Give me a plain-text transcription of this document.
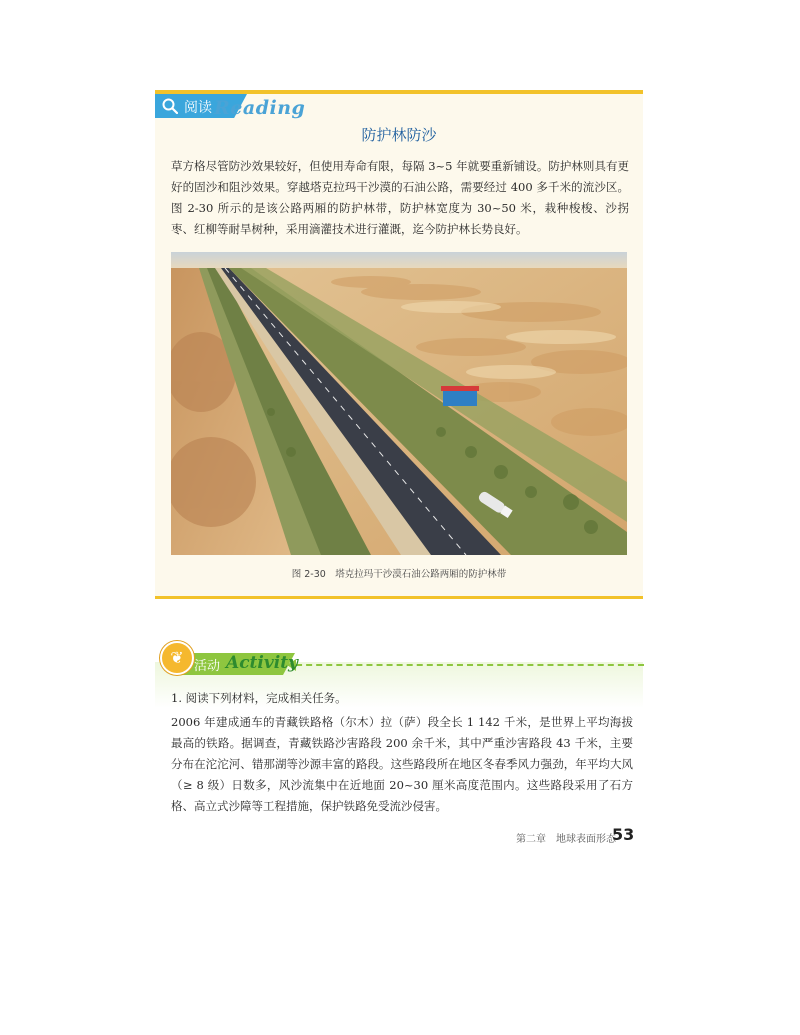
阅读 Reading
防护林防沙
草方格尽管防沙效果较好，但使用寿命有限，每隔 3~5 年就要重新铺设。防护林则具有更好的固沙和阻沙效果。穿越塔克拉玛干沙漠的石油公路，需要经过 400 多千米的流沙区。图 2-30 所示的是该公路两厢的防护林带，防护林宽度为 30~50 米，栽种梭梭、沙拐枣、红柳等耐旱树种，采用滴灌技术进行灌溉，迄今防护林长势良好。
图 2-30　塔克拉玛干沙漠石油公路两厢的防护林带
❦ 活动 Activity
1. 阅读下列材料，完成相关任务。
2006 年建成通车的青藏铁路格（尔木）拉（萨）段全长 1 142 千米，是世界上平均海拔最高的铁路。据调查，青藏铁路沙害路段 200 余千米，其中严重沙害路段 43 千米，主要分布在沱沱河、错那湖等沙源丰富的路段。这些路段所在地区冬春季风力强劲，年平均大风（≥ 8 级）日数多，风沙流集中在近地面 20~30 厘米高度范围内。这些路段采用了石方格、高立式沙障等工程措施，保护铁路免受流沙侵害。
第二章　地球表面形态
53
